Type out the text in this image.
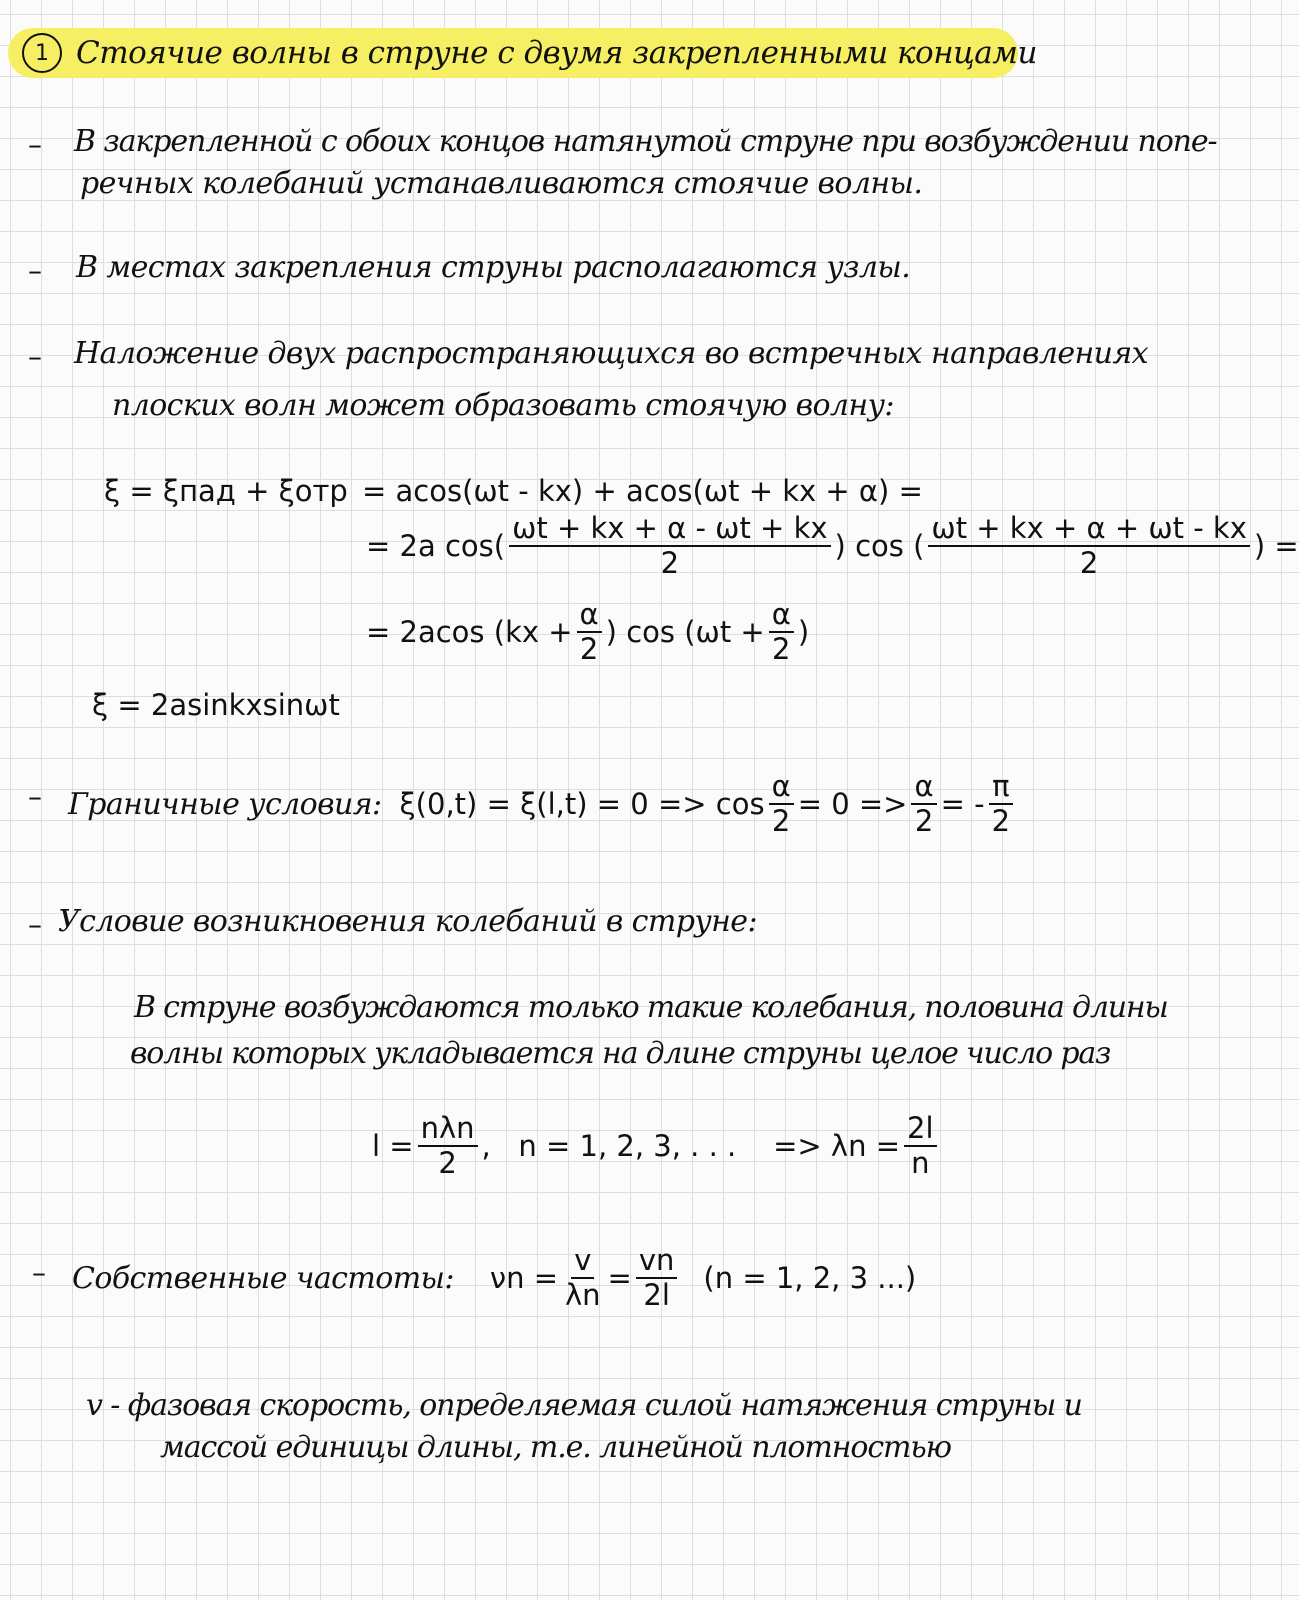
1 Стоячие волны в струне с двумя закрепленными концами
– В закрепленной с обоих концов натянутой струне при возбуждении попе-
речных колебаний устанавливаются стоячие волны.
– В местах закрепления струны располагаются узлы.
– Наложение двух распространяющихся во встречных направлениях
плоских волн может образовать стоячую волну:
ξ = ξпад + ξотр = acos(ωt - kx) + acos(ωt + kx + α) =
= 2a $\cos( \frac{\omega t + kx + \alpha - \omega t + kx}{2}$ ) cos ( $\frac{\omega t + kx + \alpha + \omega t - kx}{2}$ ) =
= 2acos ($kx + \frac{\alpha}{2}$ ) $\cos (\omega t + \frac{\alpha}{2}$ )
ξ = 2asinkxsinωt
– Граничные условия: $\xi(0,t) = \xi(l,t) = 0 => \cos \frac{\alpha}{2} = 0 => \frac{\alpha}{2}$ = - $\frac{\pi}{2}$
– Условие возникновения колебаний в струне:
В струне возбуждаются только такие колебания, половина длины
волны которых укладывается на длине струны целое число раз
$l = \frac{\text{nλn}}{2}$ ,   n = 1, 2, 3, . . .    => $\lambda n = \frac{2l}{n}$
– Собственные частоты: $\nu n = \frac{v}{\lambda n} = \frac{vn}{2l} (n = 1$, 2, 3 ...)
v - фазовая скорость, определяемая силой натяжения струны и
массой единицы длины, т.е. линейной плотностью
